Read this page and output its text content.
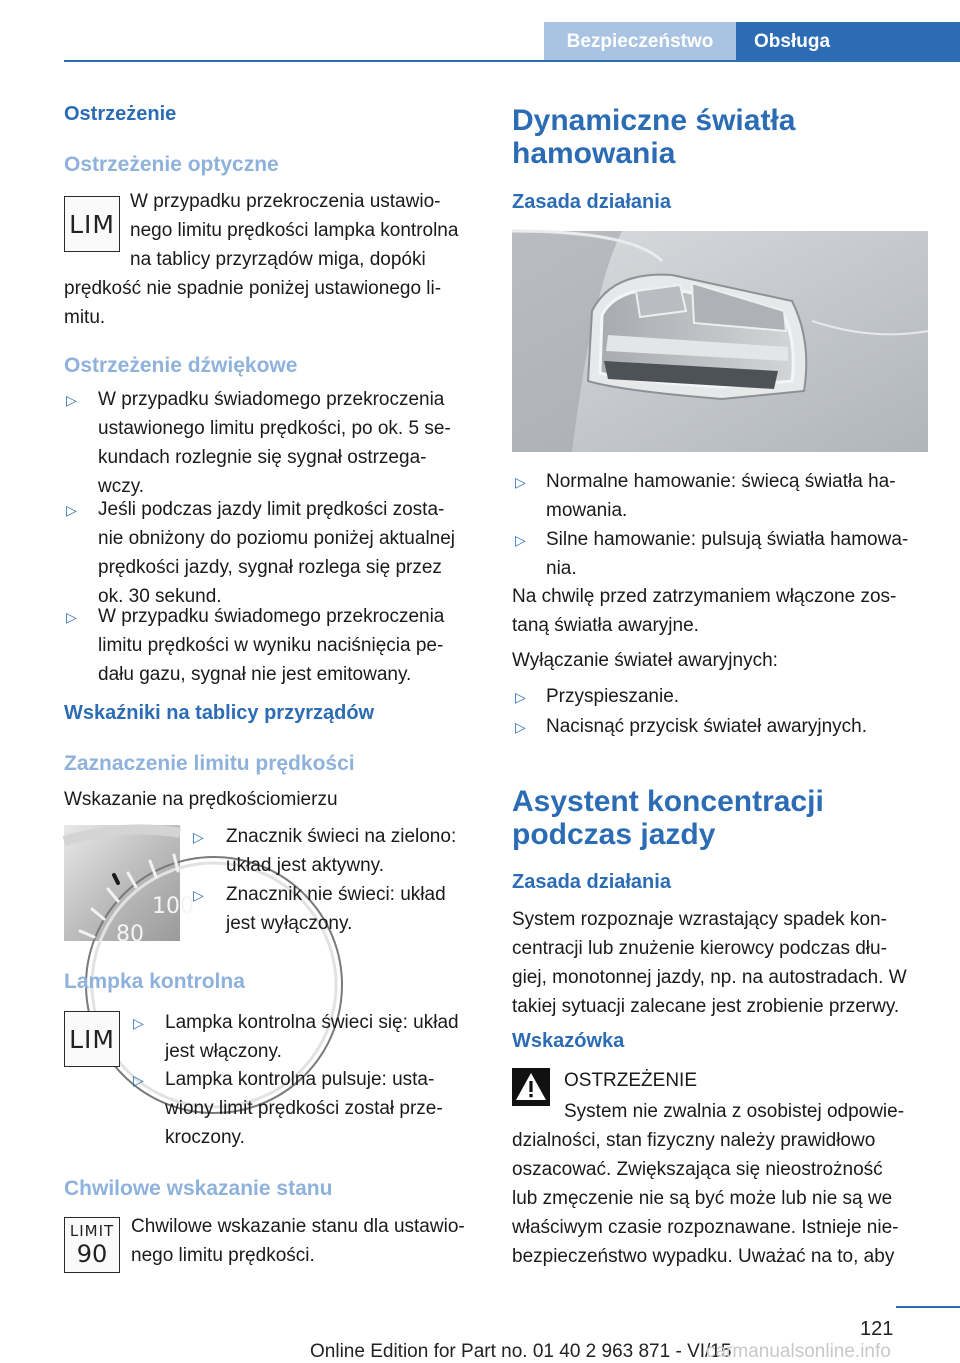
Bezpieczeństwo	Obsługa
Ostrzeżenie
Ostrzeżenie optyczne
LIM
W przypadku przekroczenia ustawio‐
nego limitu prędkości lampka kontrolna
na tablicy przyrządów miga, dopóki
prędkość nie spadnie poniżej ustawionego li‐
mitu.
Ostrzeżenie dźwiękowe
▷ W przypadku świadomego przekroczenia
ustawionego limitu prędkości, po ok. 5 se‐
kundach rozlegnie się sygnał ostrzega‐
wczy.
▷ Jeśli podczas jazdy limit prędkości zosta‐
nie obniżony do poziomu poniżej aktualnej
prędkości jazdy, sygnał rozlega się przez
ok. 30 sekund.
▷ W przypadku świadomego przekroczenia
limitu prędkości w wyniku naciśnięcia pe‐
dału gazu, sygnał nie jest emitowany.
Wskaźniki na tablicy przyrządów
Zaznaczenie limitu prędkości
Wskazanie na prędkościomierzu
100
80
▷ Znacznik świeci na zielono:
układ jest aktywny.
▷ Znacznik nie świeci: układ
jest wyłączony.
Lampka kontrolna
LIM
▷ Lampka kontrolna świeci się: układ
jest włączony.
▷ Lampka kontrolna pulsuje: usta‐
wiony limit prędkości został prze‐
kroczony.
Chwilowe wskazanie stanu
LIMIT
90
Chwilowe wskazanie stanu dla ustawio‐
nego limitu prędkości.
Dynamiczne światła
hamowania
Zasada działania
▷ Normalne hamowanie: świecą światła ha‐
mowania.
▷ Silne hamowanie: pulsują światła hamowa‐
nia.
Na chwilę przed zatrzymaniem włączone zos‐
taną światła awaryjne.
Wyłączanie świateł awaryjnych:
▷ Przyspieszanie.
▷ Nacisnąć przycisk świateł awaryjnych.
Asystent koncentracji
podczas jazdy
Zasada działania
System rozpoznaje wzrastający spadek kon‐
centracji lub znużenie kierowcy podczas dłu‐
giej, monotonnej jazdy, np. na autostradach. W
takiej sytuacji zalecane jest zrobienie przerwy.
Wskazówka
OSTRZEŻENIE
System nie zwalnia z osobistej odpowie‐
dzialności, stan fizyczny należy prawidłowo
oszacować. Zwiększająca się nieostrożność
lub zmęczenie nie są być może lub nie są we
właściwym czasie rozpoznawane. Istnieje nie‐
bezpieczeństwo wypadku. Uważać na to, aby
121
Online Edition for Part no. 01 40 2 963 871 - VI/15
carmanualsonline.info
